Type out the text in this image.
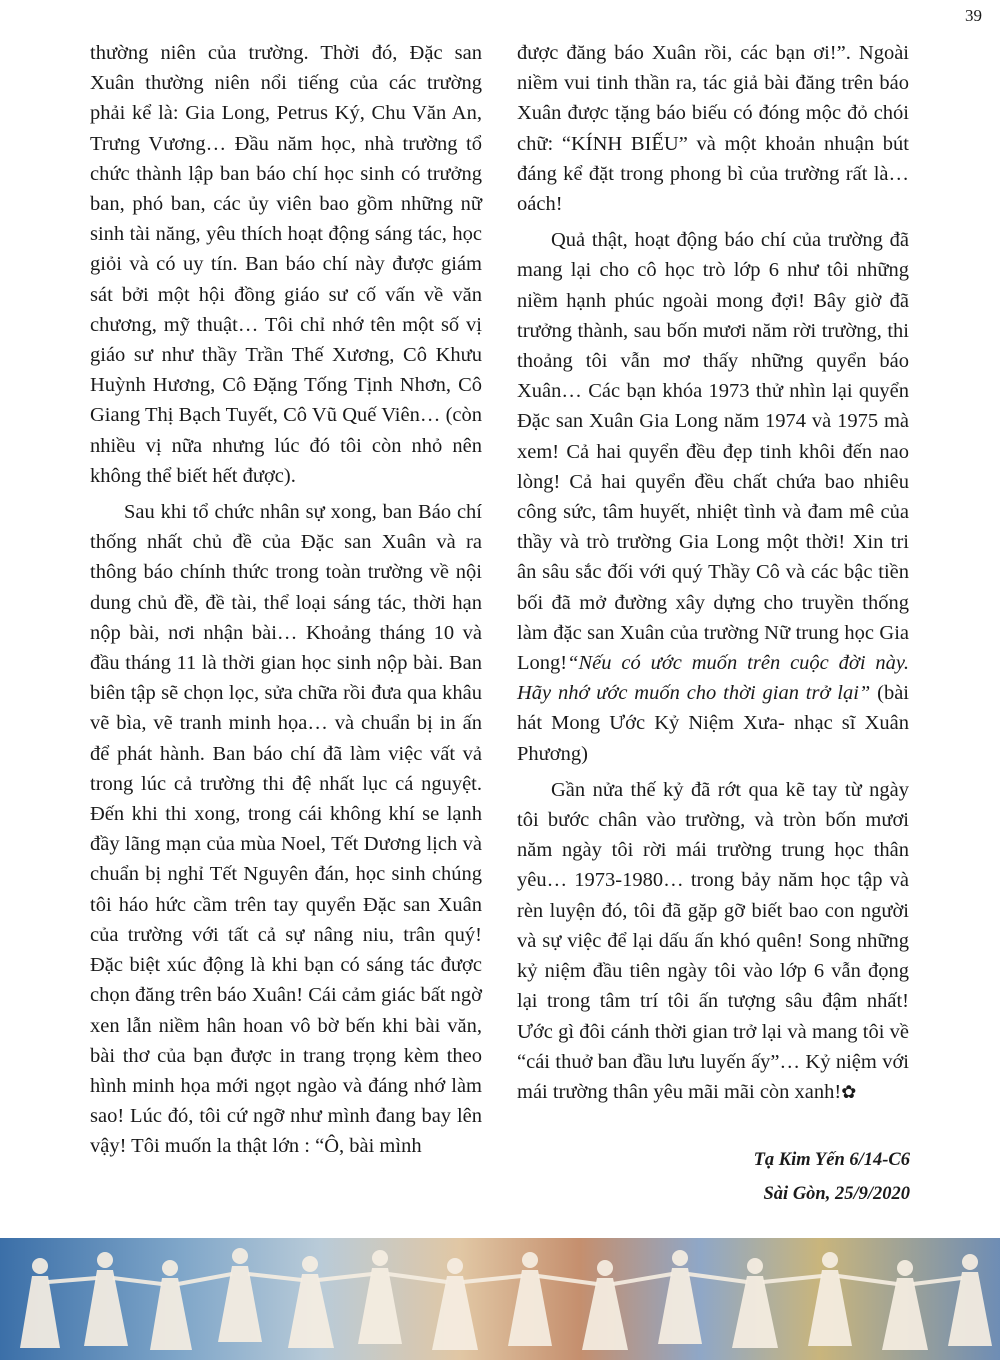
39

thường niên của trường. Thời đó, Đặc san Xuân thường niên nổi tiếng của các trường phải kể là: Gia Long, Petrus Ký, Chu Văn An, Trưng Vương… Đầu năm học, nhà trường tổ chức thành lập ban báo chí học sinh có trưởng ban, phó ban, các ủy viên bao gồm những nữ sinh tài năng, yêu thích hoạt động sáng tác, học giỏi và có uy tín. Ban báo chí này được giám sát bởi một hội đồng giáo sư cố vấn về văn chương, mỹ thuật… Tôi chỉ nhớ tên một số vị giáo sư như thầy Trần Thế Xương, Cô Khưu Huỳnh Hương, Cô Đặng Tống Tịnh Nhơn, Cô Giang Thị Bạch Tuyết, Cô Vũ Quế Viên… (còn nhiều vị nữa nhưng lúc đó tôi còn nhỏ nên không thể biết hết được).

Sau khi tổ chức nhân sự xong, ban Báo chí thống nhất chủ đề của Đặc san Xuân và ra thông báo chính thức trong toàn trường về nội dung chủ đề, đề tài, thể loại sáng tác, thời hạn nộp bài, nơi nhận bài… Khoảng tháng 10 và đầu tháng 11 là thời gian học sinh nộp bài. Ban biên tập sẽ chọn lọc, sửa chữa rồi đưa qua khâu vẽ bìa, vẽ tranh minh họa… và chuẩn bị in ấn để phát hành. Ban báo chí đã làm việc vất vả trong lúc cả trường thi đệ nhất lục cá nguyệt. Đến khi thi xong, trong cái không khí se lạnh đầy lãng mạn của mùa Noel, Tết Dương lịch và chuẩn bị nghỉ Tết Nguyên đán, học sinh chúng tôi háo hức cầm trên tay quyển Đặc san Xuân của trường với tất cả sự nâng niu, trân quý! Đặc biệt xúc động là khi bạn có sáng tác được chọn đăng trên báo Xuân! Cái cảm giác bất ngờ xen lẫn niềm hân hoan vô bờ bến khi bài văn, bài thơ của bạn được in trang trọng kèm theo hình minh họa mới ngọt ngào và đáng nhớ làm sao! Lúc đó, tôi cứ ngỡ như mình đang bay lên vậy! Tôi muốn la thật lớn : “Ô, bài mình

được đăng báo Xuân rồi, các bạn ơi!”. Ngoài niềm vui tinh thần ra, tác giả bài đăng trên báo Xuân được tặng báo biếu có đóng mộc đỏ chói chữ: “KÍNH BIẾU” và một khoản nhuận bút đáng kể đặt trong phong bì của trường rất là… oách!

Quả thật, hoạt động báo chí của trường đã mang lại cho cô học trò lớp 6 như tôi những niềm hạnh phúc ngoài mong đợi! Bây giờ đã trưởng thành, sau bốn mươi năm rời trường, thi thoảng tôi vẫn mơ thấy những quyển báo Xuân… Các bạn khóa 1973 thử nhìn lại quyển Đặc san Xuân Gia Long năm 1974 và 1975 mà xem! Cả hai quyển đều đẹp tinh khôi đến nao lòng! Cả hai quyển đều chất chứa bao nhiêu công sức, tâm huyết, nhiệt tình và đam mê của thầy và trò trường Gia Long một thời! Xin tri ân sâu sắc đối với quý Thầy Cô và các bậc tiền bối đã mở đường xây dựng cho truyền thống làm đặc san Xuân của trường Nữ trung học Gia Long!“Nếu có ước muốn trên cuộc đời này. Hãy nhớ ước muốn cho thời gian trở lại” (bài hát Mong Ước Kỷ Niệm Xưa- nhạc sĩ Xuân Phương)

Gần nửa thế kỷ đã rớt qua kẽ tay từ ngày tôi bước chân vào trường, và tròn bốn mươi năm ngày tôi rời mái trường trung học thân yêu… 1973-1980… trong bảy năm học tập và rèn luyện đó, tôi đã gặp gỡ biết bao con người và sự việc để lại dấu ấn khó quên! Song những kỷ niệm đầu tiên ngày tôi vào lớp 6 vẫn đọng lại trong tâm trí tôi ấn tượng sâu đậm nhất! Ước gì đôi cánh thời gian trở lại và mang tôi về “cái thuở ban đầu lưu luyến ấy”… Kỷ niệm với mái trường thân yêu mãi mãi còn xanh!✿

Tạ Kim Yến 6/14-C6
Sài Gòn, 25/9/2020
